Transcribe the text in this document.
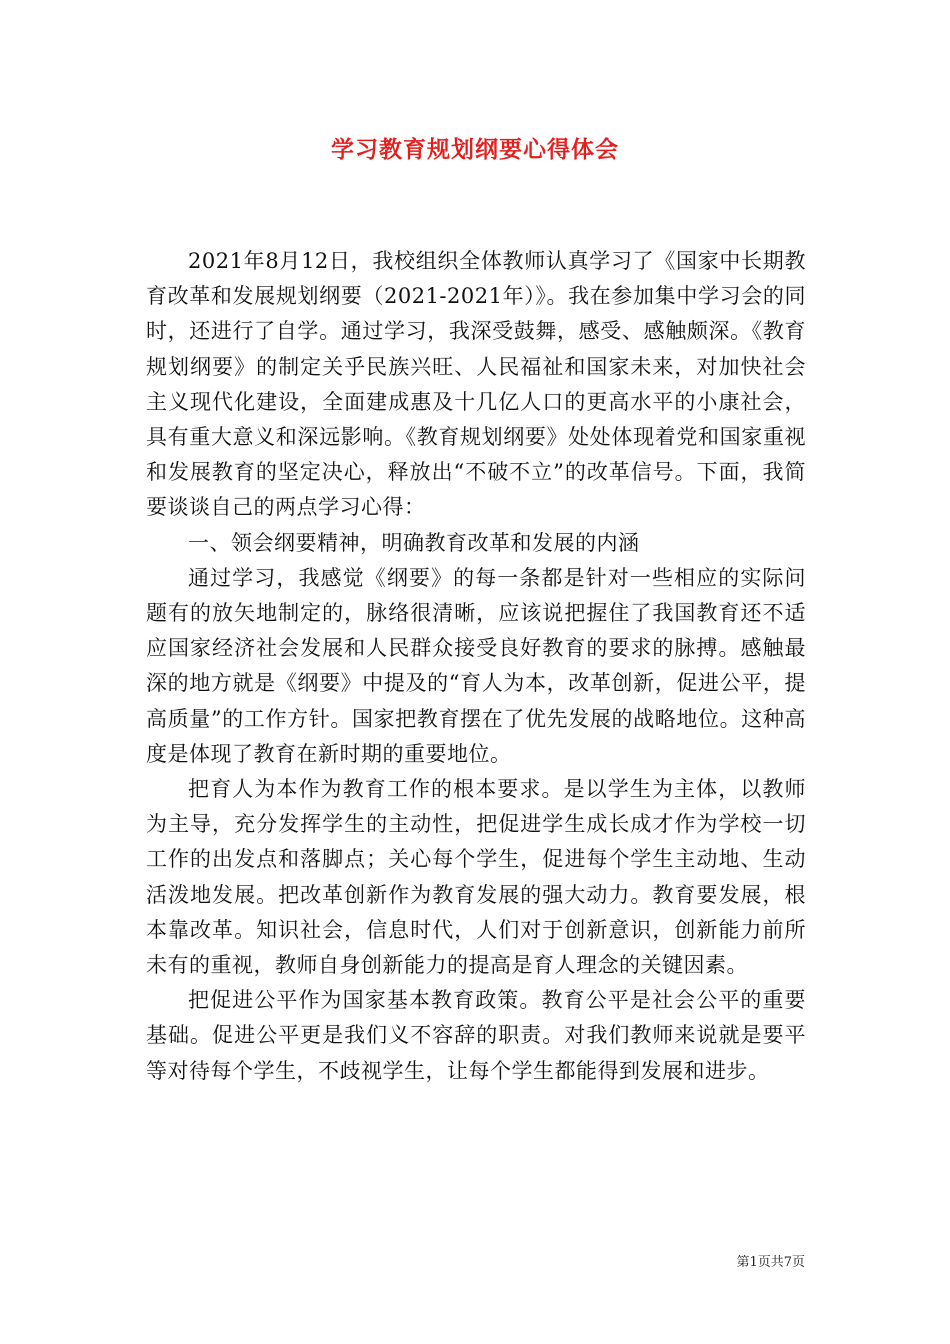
学习教育规划纲要心得体会

2021年8月12日，我校组织全体教师认真学习了《国家中长期教育改革和发展规划纲要（2021-2021年）》。我在参加集中学习会的同时，还进行了自学。通过学习，我深受鼓舞，感受、感触颇深。《教育规划纲要》的制定关乎民族兴旺、人民福祉和国家未来，对加快社会主义现代化建设，全面建成惠及十几亿人口的更高水平的小康社会，具有重大意义和深远影响。《教育规划纲要》处处体现着党和国家重视和发展教育的坚定决心，释放出“不破不立”的改革信号。下面，我简要谈谈自己的两点学习心得：

一、领会纲要精神，明确教育改革和发展的内涵

通过学习，我感觉《纲要》的每一条都是针对一些相应的实际问题有的放矢地制定的，脉络很清晰，应该说把握住了我国教育还不适应国家经济社会发展和人民群众接受良好教育的要求的脉搏。感触最深的地方就是《纲要》中提及的“育人为本，改革创新，促进公平，提高质量”的工作方针。国家把教育摆在了优先发展的战略地位。这种高度是体现了教育在新时期的重要地位。

把育人为本作为教育工作的根本要求。是以学生为主体，以教师为主导，充分发挥学生的主动性，把促进学生成长成才作为学校一切工作的出发点和落脚点；关心每个学生，促进每个学生主动地、生动活泼地发展。把改革创新作为教育发展的强大动力。教育要发展，根本靠改革。知识社会，信息时代，人们对于创新意识，创新能力前所未有的重视，教师自身创新能力的提高是育人理念的关键因素。

把促进公平作为国家基本教育政策。教育公平是社会公平的重要基础。促进公平更是我们义不容辞的职责。对我们教师来说就是要平等对待每个学生，不歧视学生，让每个学生都能得到发展和进步。

第1页共7页
